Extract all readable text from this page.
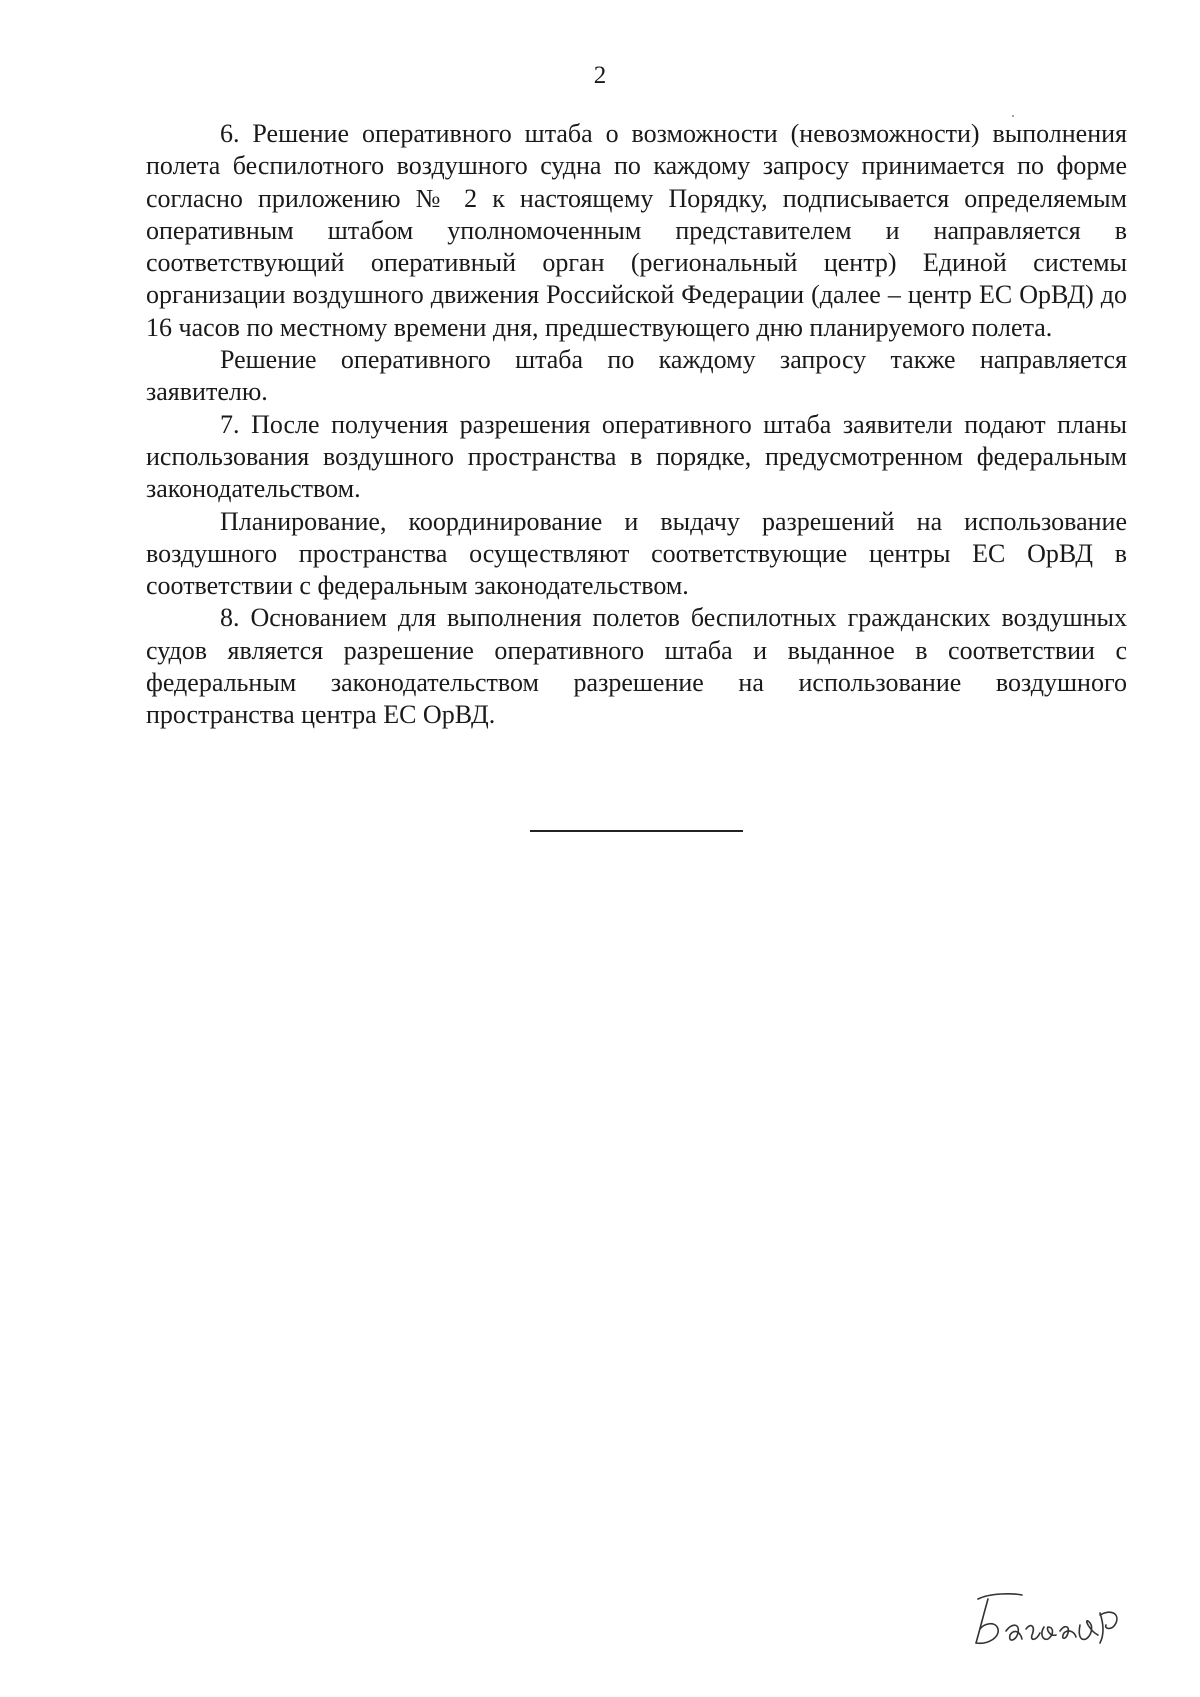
2

6. Решение оперативного штаба о возможности (невозможности) выполнения полета беспилотного воздушного судна по каждому запросу принимается по форме согласно приложению № 2 к настоящему Порядку, подписывается определяемым оперативным штабом уполномоченным представителем и направляется в соответствующий оперативный орган (региональный центр) Единой системы организации воздушного движения Российской Федерации (далее – центр ЕС ОрВД) до 16 часов по местному времени дня, предшествующего дню планируемого полета.

Решение оперативного штаба по каждому запросу также направляется заявителю.

7. После получения разрешения оперативного штаба заявители подают планы использования воздушного пространства в порядке, предусмотренном федеральным законодательством.

Планирование, координирование и выдачу разрешений на использование воздушного пространства осуществляют соответствующие центры ЕС ОрВД в соответствии с федеральным законодательством.

8. Основанием для выполнения полетов беспилотных гражданских воздушных судов является разрешение оперативного штаба и выданное в соответствии с федеральным законодательством разрешение на использование воздушного пространства центра ЕС ОрВД.
